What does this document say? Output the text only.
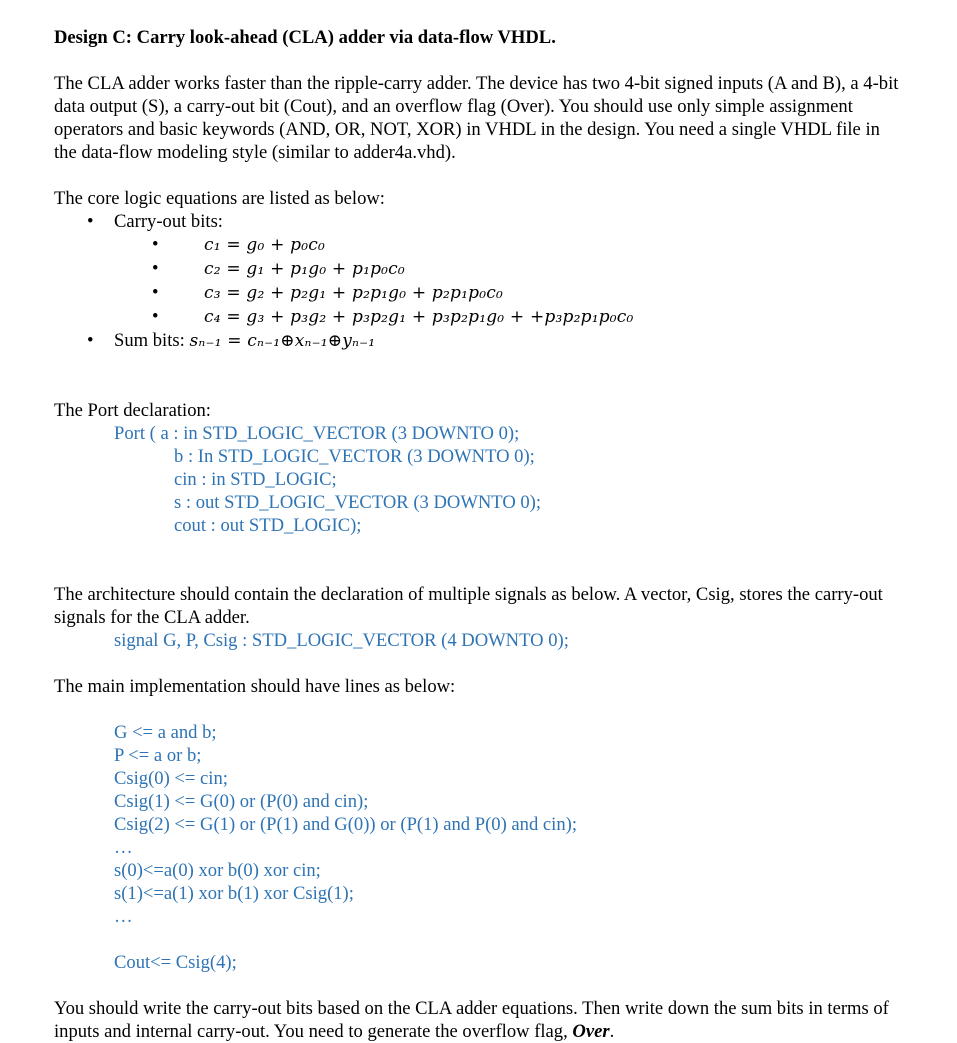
Design C: Carry look-ahead (CLA) adder via data-flow VHDL.

The CLA adder works faster than the ripple-carry adder. The device has two 4-bit signed inputs (A and B), a 4-bit data output (S), a carry-out bit (Cout), and an overflow flag (Over). You should use only simple assignment operators and basic keywords (AND, OR, NOT, XOR) in VHDL in the design. You need a single VHDL file in the data-flow modeling style (similar to adder4a.vhd).

The core logic equations are listed as below:

• Carry-out bits:
•	c₁ = g₀ + p₀c₀
•	c₂ = g₁ + p₁g₀ + p₁p₀c₀
•	c₃ = g₂ + p₂g₁ + p₂p₁g₀ + p₂p₁p₀c₀
•	c₄ = g₃ + p₃g₂ + p₃p₂g₁ + p₃p₂p₁g₀ + +p₃p₂p₁p₀c₀
• Sum bits: sₙ₋₁ = cₙ₋₁⊕xₙ₋₁⊕yₙ₋₁

The Port declaration:

Port ( a : in STD_LOGIC_VECTOR (3 DOWNTO 0);

b : In STD_LOGIC_VECTOR (3 DOWNTO 0);

cin : in STD_LOGIC;

s : out STD_LOGIC_VECTOR (3 DOWNTO 0);

cout : out STD_LOGIC);

The architecture should contain the declaration of multiple signals as below. A vector, Csig, stores the carry-out signals for the CLA adder.

signal G, P, Csig : STD_LOGIC_VECTOR (4 DOWNTO 0);

The main implementation should have lines as below:

G <= a and b;

P <= a or b;

Csig(0) <= cin;

Csig(1) <= G(0) or (P(0) and cin);

Csig(2) <= G(1) or (P(1) and G(0)) or (P(1) and P(0) and cin);

…

s(0)<=a(0) xor b(0) xor cin;

s(1)<=a(1) xor b(1) xor Csig(1);

…

Cout<= Csig(4);

You should write the carry-out bits based on the CLA adder equations. Then write down the sum bits in terms of inputs and internal carry-out. You need to generate the overflow flag, Over.
